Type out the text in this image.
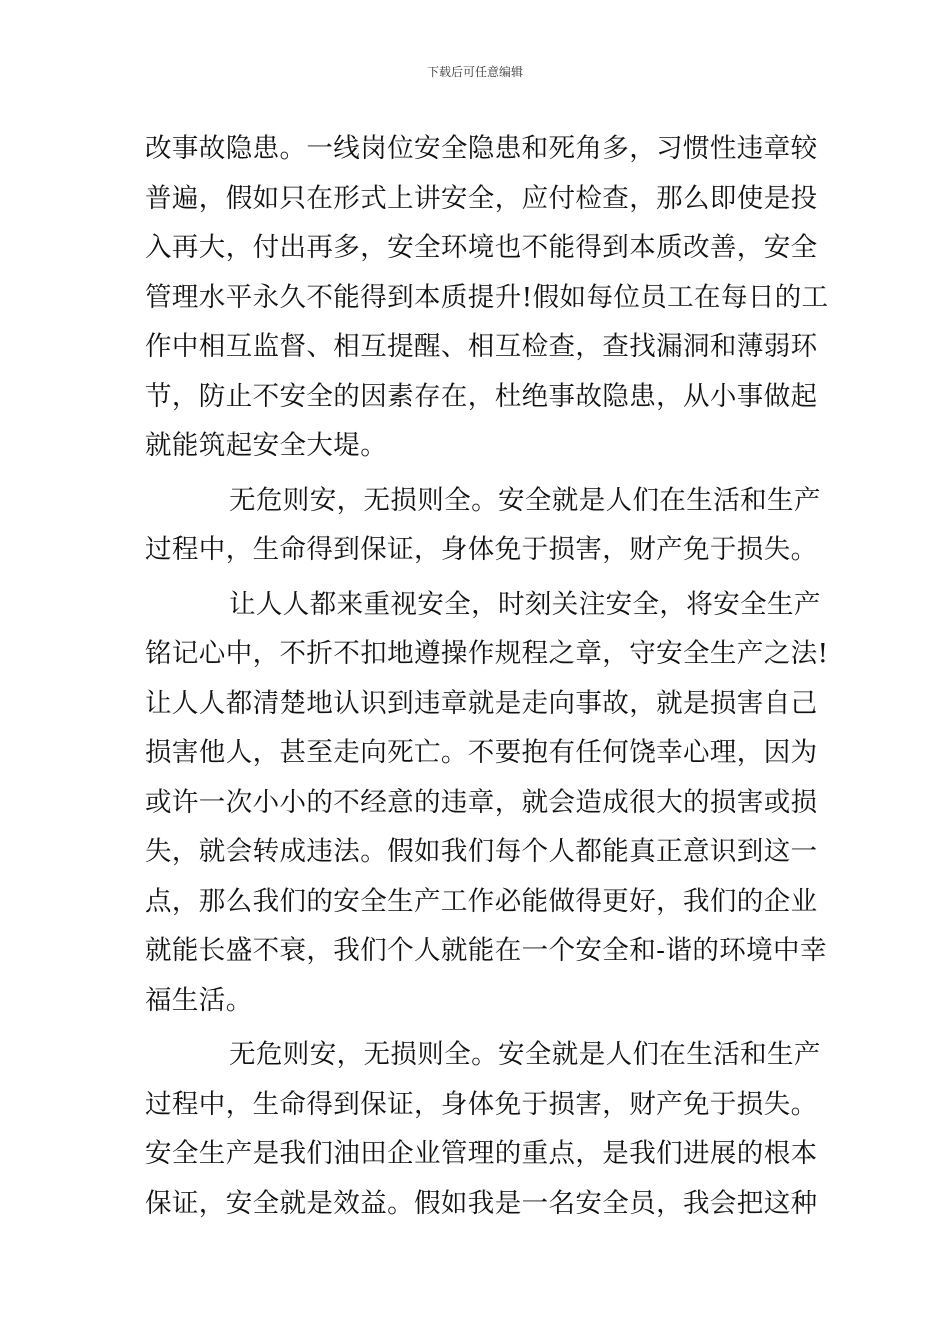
下载后可任意编辑
改事故隐患。一线岗位安全隐患和死角多，习惯性违章较
普遍，假如只在形式上讲安全，应付检查，那么即使是投
入再大，付出再多，安全环境也不能得到本质改善，安全
管理水平永久不能得到本质提升!假如每位员工在每日的工
作中相互监督、相互提醒、相互检查，查找漏洞和薄弱环
节，防止不安全的因素存在，杜绝事故隐患，从小事做起
就能筑起安全大堤。
无危则安，无损则全。安全就是人们在生活和生产
过程中，生命得到保证，身体免于损害，财产免于损失。
让人人都来重视安全，时刻关注安全，将安全生产
铭记心中，不折不扣地遵操作规程之章，守安全生产之法!
让人人都清楚地认识到违章就是走向事故，就是损害自己
损害他人，甚至走向死亡。不要抱有任何饶幸心理，因为
或许一次小小的不经意的违章，就会造成很大的损害或损
失，就会转成违法。假如我们每个人都能真正意识到这一
点，那么我们的安全生产工作必能做得更好，我们的企业
就能长盛不衰，我们个人就能在一个安全和-谐的环境中幸
福生活。
无危则安，无损则全。安全就是人们在生活和生产
过程中，生命得到保证，身体免于损害，财产免于损失。
安全生产是我们油田企业管理的重点，是我们进展的根本
保证，安全就是效益。假如我是一名安全员，我会把这种
